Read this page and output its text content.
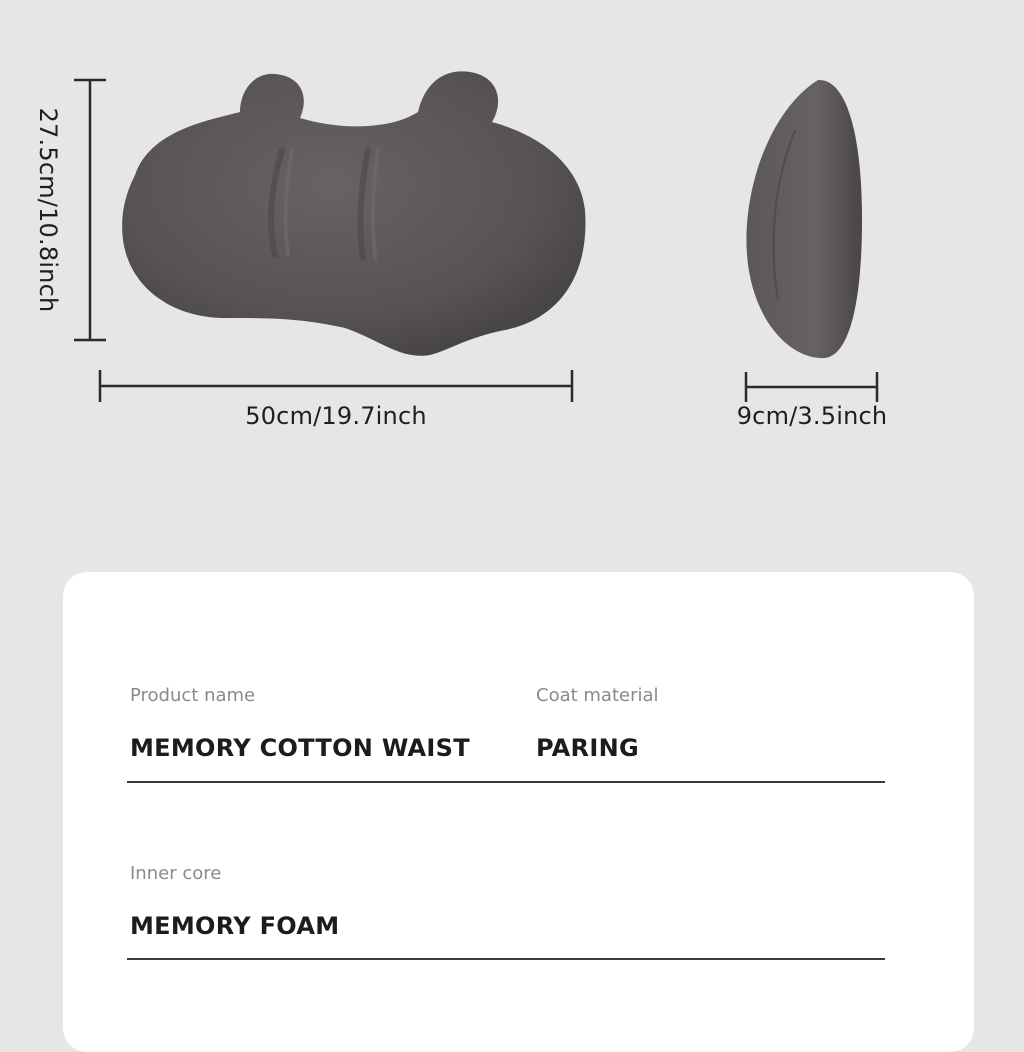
50cm/19.7inch	9cm/3.5inch
27.5cm/10.8inch
Product name
MEMORY COTTON WAIST
Coat material
PARING
Inner core
MEMORY FOAM
